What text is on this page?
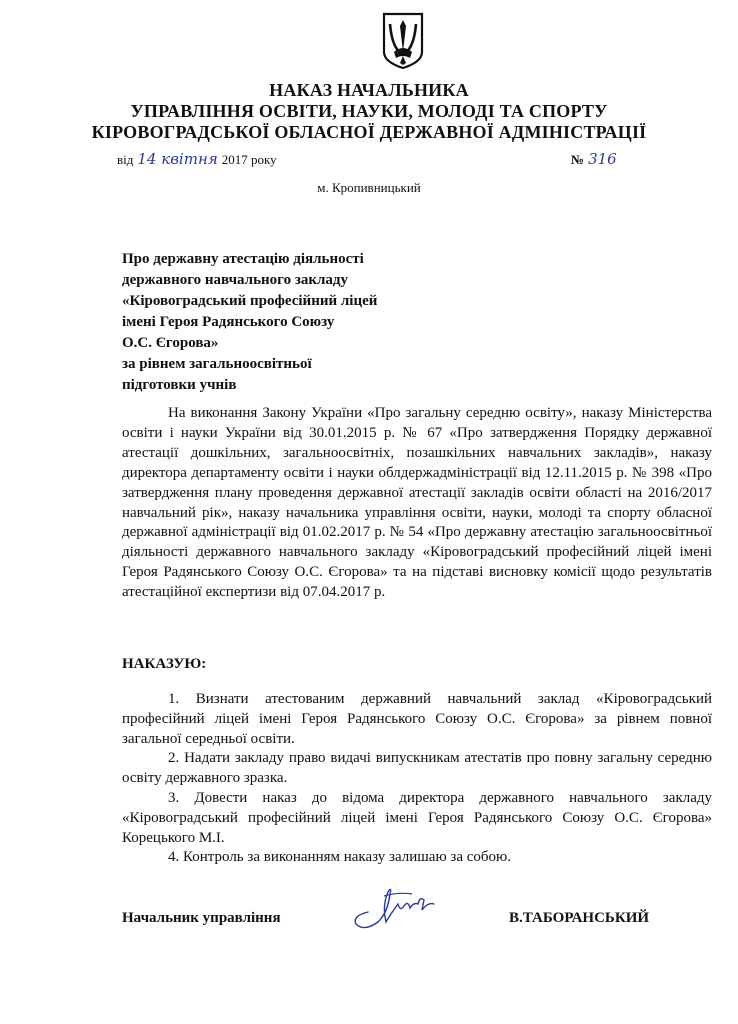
НАКАЗ НАЧАЛЬНИКА
УПРАВЛІННЯ ОСВІТИ, НАУКИ, МОЛОДІ ТА СПОРТУ
КІРОВОГРАДСЬКОЇ ОБЛАСНОЇ ДЕРЖАВНОЇ АДМІНІСТРАЦІЇ
від 14 квітня 2017 року	№ 316
м. Кропивницький
Про державну атестацію діяльності
державного навчального закладу
«Кіровоградський професійний ліцей
імені Героя Радянського Союзу
О.С. Єгорова»
за рівнем загальноосвітньої
підготовки учнів
На виконання Закону України «Про загальну середню освіту», наказу Міністерства освіти і науки України від 30.01.2015 р. № 67 «Про затвердження Порядку державної атестації дошкільних, загальноосвітніх, позашкільних навчальних закладів», наказу директора департаменту освіти і науки облдержадміністрації від 12.11.2015 р. № 398 «Про затвердження плану проведення державної атестації закладів освіти області на 2016/2017 навчальний рік», наказу начальника управління освіти, науки, молоді та спорту обласної державної адміністрації від 01.02.2017 р. № 54 «Про державну атестацію загальноосвітньої діяльності державного навчального закладу «Кіровоградський професійний ліцей імені Героя Радянського Союзу О.С. Єгорова» та на підставі висновку комісії щодо результатів атестаційної експертизи від 07.04.2017 р.
НАКАЗУЮ:

1. Визнати атестованим державний навчальний заклад «Кіровоградський професійний ліцей імені Героя Радянського Союзу О.С. Єгорова» за рівнем повної загальної середньої освіти.

2. Надати закладу право видачі випускникам атестатів про повну загальну середню освіту державного зразка.

3. Довести наказ до відома директора державного навчального закладу «Кіровоградський професійний ліцей імені Героя Радянського Союзу О.С. Єгорова» Корецького М.І.

4. Контроль за виконанням наказу залишаю за собою.

Начальник управління	В.ТАБОРАНСЬКИЙ
